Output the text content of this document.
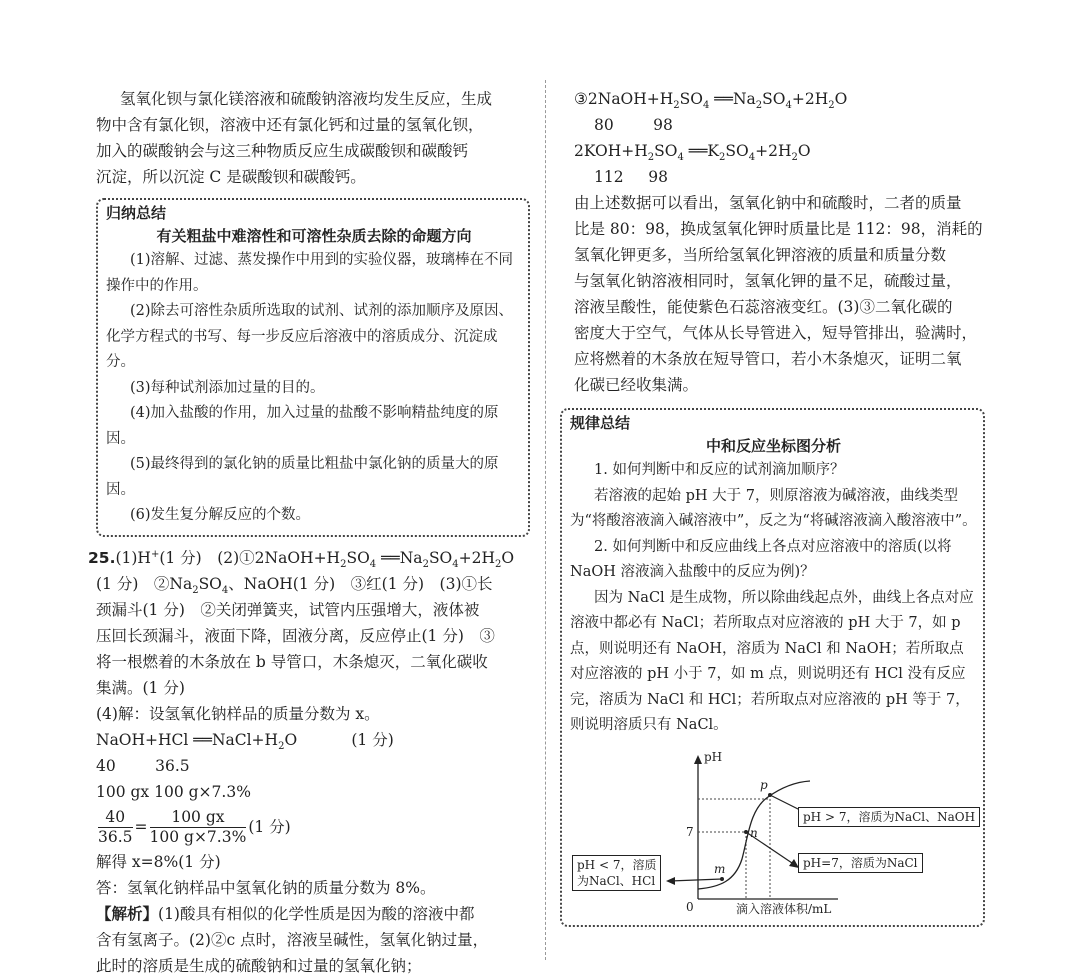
氢氧化钡与氯化镁溶液和硫酸钠溶液均发生反应，生成

物中含有氯化钡，溶液中还有氯化钙和过量的氢氧化钡，

加入的碳酸钠会与这三种物质反应生成碳酸钡和碳酸钙

沉淀，所以沉淀 C 是碳酸钡和碳酸钙。

归纳总结
有关粗盐中难溶性和可溶性杂质去除的命题方向

(1)溶解、过滤、蒸发操作中用到的实验仪器，玻璃棒在不同操作中的作用。

(2)除去可溶性杂质所选取的试剂、试剂的添加顺序及原因、化学方程式的书写、每一步反应后溶液中的溶质成分、沉淀成分。

(3)每种试剂添加过量的目的。

(4)加入盐酸的作用，加入过量的盐酸不影响精盐纯度的原因。

(5)最终得到的氯化钠的质量比粗盐中氯化钠的质量大的原因。

(6)发生复分解反应的个数。

25.(1)H+(1 分)　$(2)①2NaOH+H_2SO_4$ $══Na_2SO_4+2H_2O$

(1 分)　$②Na_2SO_4$、NaOH(1 分)　③红(1 分)　(3)①长

颈漏斗(1 分)　②关闭弹簧夹，试管内压强增大，液体被

压回长颈漏斗，液面下降，固液分离，反应停止(1 分)　③

将一根燃着的木条放在 b 导管口，木条熄灭，二氧化碳收

集满。(1 分)

(4)解：设氢氧化钠样品的质量分数为 x。

NaOH+HCl $══NaCl+H_2O$	(1 分)

40	36.5

100 gx 100 g×7.3%

$\frac{40}{36.5} = \frac{100 gx}{100 g\times 7.3\%} (1$ 分)

解得 x=8%(1 分)

答：氢氧化钠样品中氢氧化钠的质量分数为 8%。

【解析】(1)酸具有相似的化学性质是因为酸的溶液中都

含有氢离子。(2)②c 点时，溶液呈碱性，氢氧化钠过量，

此时的溶质是生成的硫酸钠和过量的氢氧化钠；

$③2NaOH+H_2SO_4$ $══Na_2SO_4+2H_2O$

80	98

$2KOH+H_2SO_4$ $══K_2SO_4+2H_2O$

112 98

由上述数据可以看出，氢氧化钠中和硫酸时，二者的质量

比是 80：98，换成氢氧化钾时质量比是 112：98，消耗的

氢氧化钾更多，当所给氢氧化钾溶液的质量和质量分数

与氢氧化钠溶液相同时，氢氧化钾的量不足，硫酸过量，

溶液呈酸性，能使紫色石蕊溶液变红。(3)③二氧化碳的

密度大于空气，气体从长导管进入，短导管排出，验满时，

应将燃着的木条放在短导管口，若小木条熄灭，证明二氧

化碳已经收集满。

规律总结
中和反应坐标图分析

1. 如何判断中和反应的试剂滴加顺序？

若溶液的起始 pH 大于 7，则原溶液为碱溶液，曲线类型为“将酸溶液滴入碱溶液中”，反之为“将碱溶液滴入酸溶液中”。

2. 如何判断中和反应曲线上各点对应溶液中的溶质(以将 NaOH 溶液滴入盐酸中的反应为例)？

因为 NaCl 是生成物，所以除曲线起点外，曲线上各点对应溶液中都必有 NaCl；若所取点对应溶液的 pH 大于 7，如 p 点，则说明还有 NaOH，溶质为 NaCl 和 NaOH；若所取点对应溶液的 pH 小于 7，如 m 点，则说明还有 HCl 没有反应完，溶质为 NaCl 和 HCl；若所取点对应溶液的 pH 等于 7，则说明溶质只有 NaCl。

pH
0
7
p
n
m
滴入溶液体积/mL
pH > 7，溶质为NaCl、NaOH
pH=7，溶质为NaCl
pH < 7，溶质
为NaCl、HCl
